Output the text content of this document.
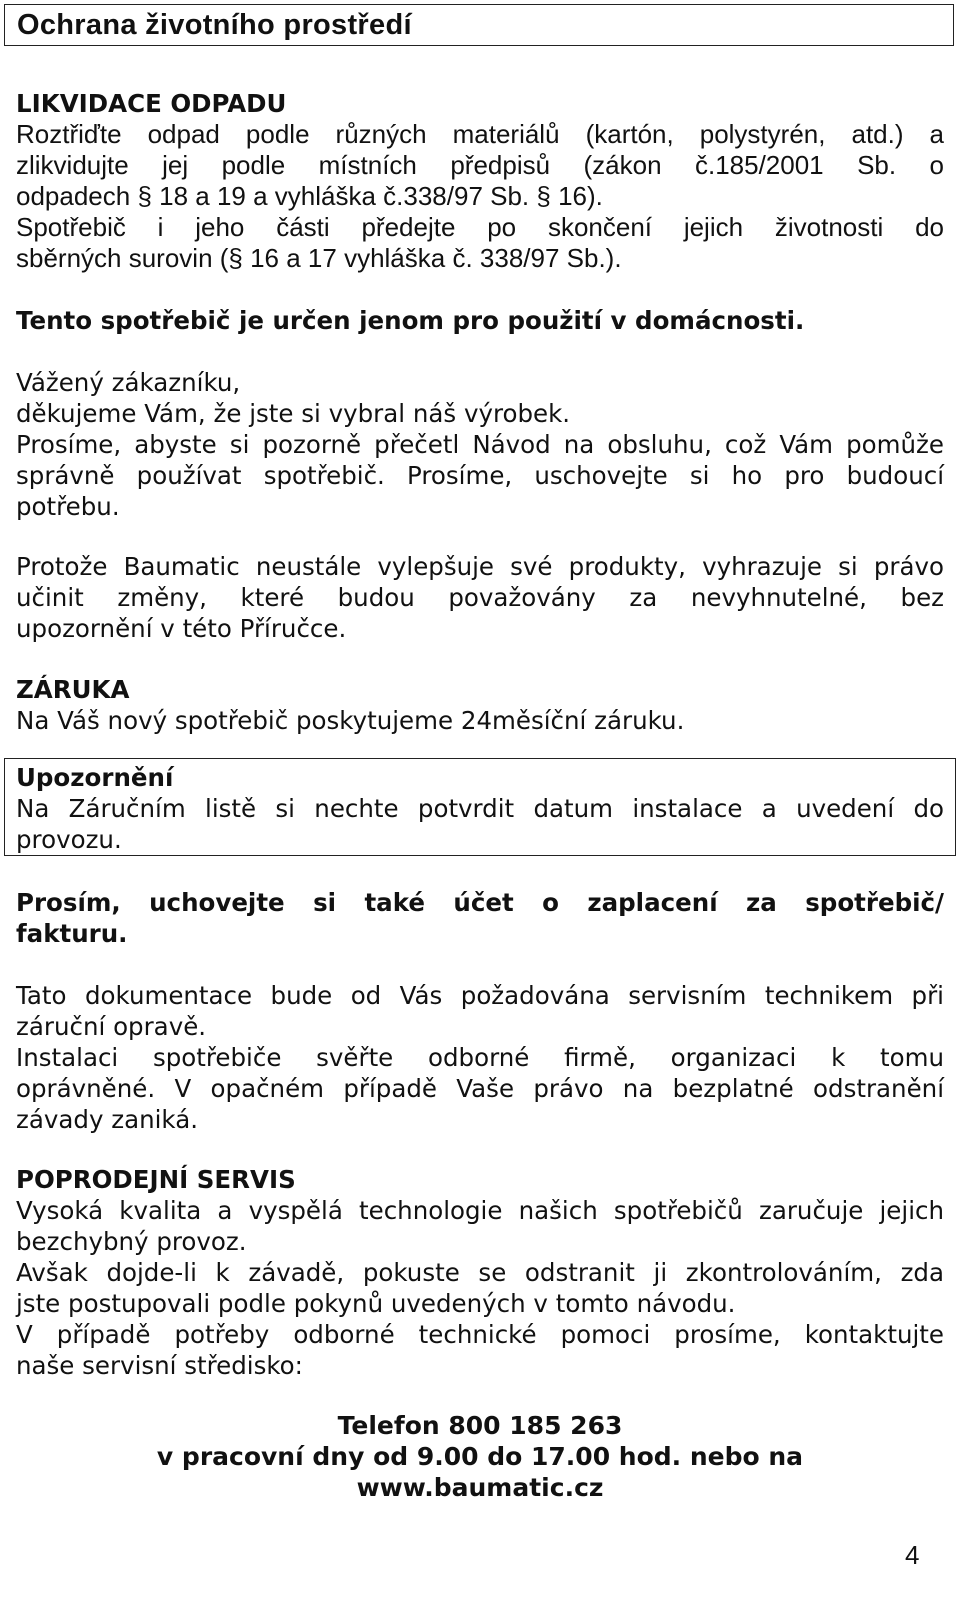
Ochrana životního prostředí
LIKVIDACE ODPADU
Roztřiďte odpad podle různých materiálů (kartón, polystyrén, atd.) a
zlikvidujte jej podle místních předpisů (zákon č.185/2001 Sb. o
odpadech § 18 a 19 a vyhláška č.338/97 Sb. § 16).
Spotřebič i jeho části předejte po skončení jejich životnosti do
sběrných surovin (§ 16 a 17 vyhláška č. 338/97 Sb.).
Tento spotřebič je určen jenom pro použití v domácnosti.
Vážený zákazníku,
děkujeme Vám, že jste si vybral náš výrobek.
Prosíme, abyste si pozorně přečetl Návod na obsluhu, což Vám pomůže
správně používat spotřebič. Prosíme, uschovejte si ho pro budoucí
potřebu.
Protože Baumatic neustále vylepšuje své produkty, vyhrazuje si právo
učinit změny, které budou považovány za nevyhnutelné, bez
upozornění v této Příručce.
ZÁRUKA
Na Váš nový spotřebič poskytujeme 24měsíční záruku.
Upozornění
Na Záručním listě si nechte potvrdit datum instalace a uvedení do
provozu.
Prosím, uchovejte si také účet o zaplacení za spotřebič/
fakturu.
Tato dokumentace bude od Vás požadována servisním technikem při
záruční opravě.
Instalaci spotřebiče svěřte odborné firmě, organizaci k tomu
oprávněné. V opačném případě Vaše právo na bezplatné odstranění
závady zaniká.
POPRODEJNÍ SERVIS
Vysoká kvalita a vyspělá technologie našich spotřebičů zaručuje jejich
bezchybný provoz.
Avšak dojde-li k závadě, pokuste se odstranit ji zkontrolováním, zda
jste postupovali podle pokynů uvedených v tomto návodu.
V případě potřeby odborné technické pomoci prosíme, kontaktujte
naše servisní středisko:
Telefon 800 185 263
v pracovní dny od 9.00 do 17.00 hod. nebo na
www.baumatic.cz
4
